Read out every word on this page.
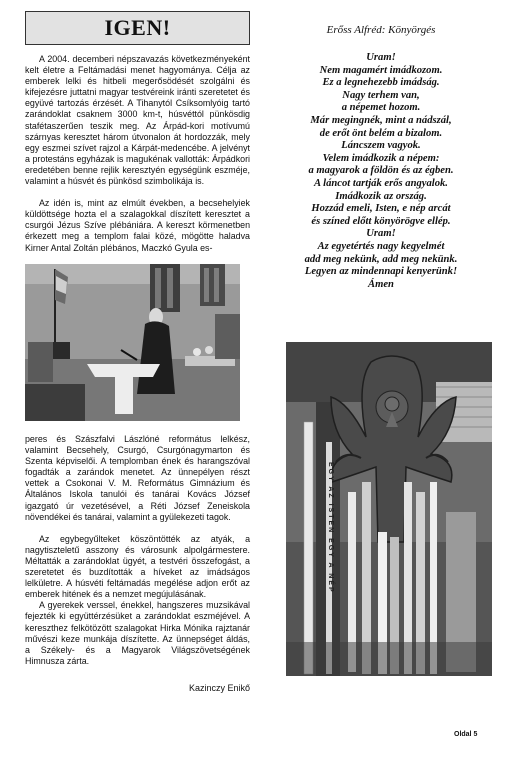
IGEN!

A 2004. decemberi népszavazás következményeként kelt életre a Feltámadási menet hagyománya. Célja az emberek lelki és hitbeli megerősödését szolgálni és kifejezésre juttatni magyar testvéreink iránti szeretetet és együvé tartozás érzését. A Tihanytól Csíksomlyóig tartó zarándoklat csaknem 3000 km-t, húsvéttól pünkösdig stafétaszerűen teszik meg. Az Árpád-kori motívumú szárnyas keresztet három útvonalon át hordozzák, mely egy eszmei szívet rajzol a Kárpát-medencébe. A jelvényt a protestáns egyházak is magukénak vallották: Árpádkori eredetében benne rejlik keresztyén egységünk eszméje, valamint a húsvét és pünkösd szimbolikája is.

Az idén is, mint az elmúlt években, a becsehelyiek küldöttsége hozta el a szalagokkal díszített keresztet a csurgói Jézus Szíve plébániára. A kereszt körmenetben érkezett meg a templom falai közé, mögötte haladva Kirner Antal Zoltán plébános, Maczkó Gyula es-

peres és Szászfalvi Lászlóné református lelkész, valamint Becsehely, Csurgó, Csurgónagymarton és Szenta képviselői. A templomban ének és harangszóval fogadták a zarándok menetet. Az ünnepélyen részt vettek a Csokonai V. M. Református Gimnázium és Általános Iskola tanulói és tanárai Kovács József igazgató úr vezetésével, a Réti József Zeneiskola növendékei és tanárai, valamint a gyülekezeti tagok.

Az egybegyűlteket köszöntötték az atyák, a nagytiszteletű asszony és városunk alpolgármestere. Méltatták a zarándoklat ügyét, a testvéri összefogást, a szeretetet és buzdították a híveket az imádságos lelkületre. A húsvéti feltámadás megélése adjon erőt az emberek hitének és a nemzet megújulásának.

A gyerekek verssel, énekkel, hangszeres muzsikával fejezték ki együttérzésüket a zarándoklat eszméjével. A kereszthez felkötözött szalagokat Hirka Mónika rajztanár művészi keze munkája díszítette. Az ünnepséget áldás, a Székely- és a Magyarok Világszövetségének Himnusza zárta.

Kazinczy Enikő
Erőss Alfréd: Könyörgés
Uram!
Nem magamért imádkozom.
Ez a legnehezebb imádság.
Nagy terhem van,
a népemet hozom.
Már megingnék, mint a nádszál,
de erőt önt belém a bizalom.
Láncszem vagyok.
Velem imádkozik a népem:
a magyarok a földön és az égben.
A láncot tartják erős angyalok.
Imádkozik az ország.
Hozzád emeli, Isten, e nép arcát
és színed előtt könyörögve ellép.
Uram!
Az egyetértés nagy kegyelmét
add meg nekünk, add meg nekünk.
Legyen az mindennapi kenyerünk!
Ámen
EGY AZ ISTEN EGY A NÉP
Oldal 5
